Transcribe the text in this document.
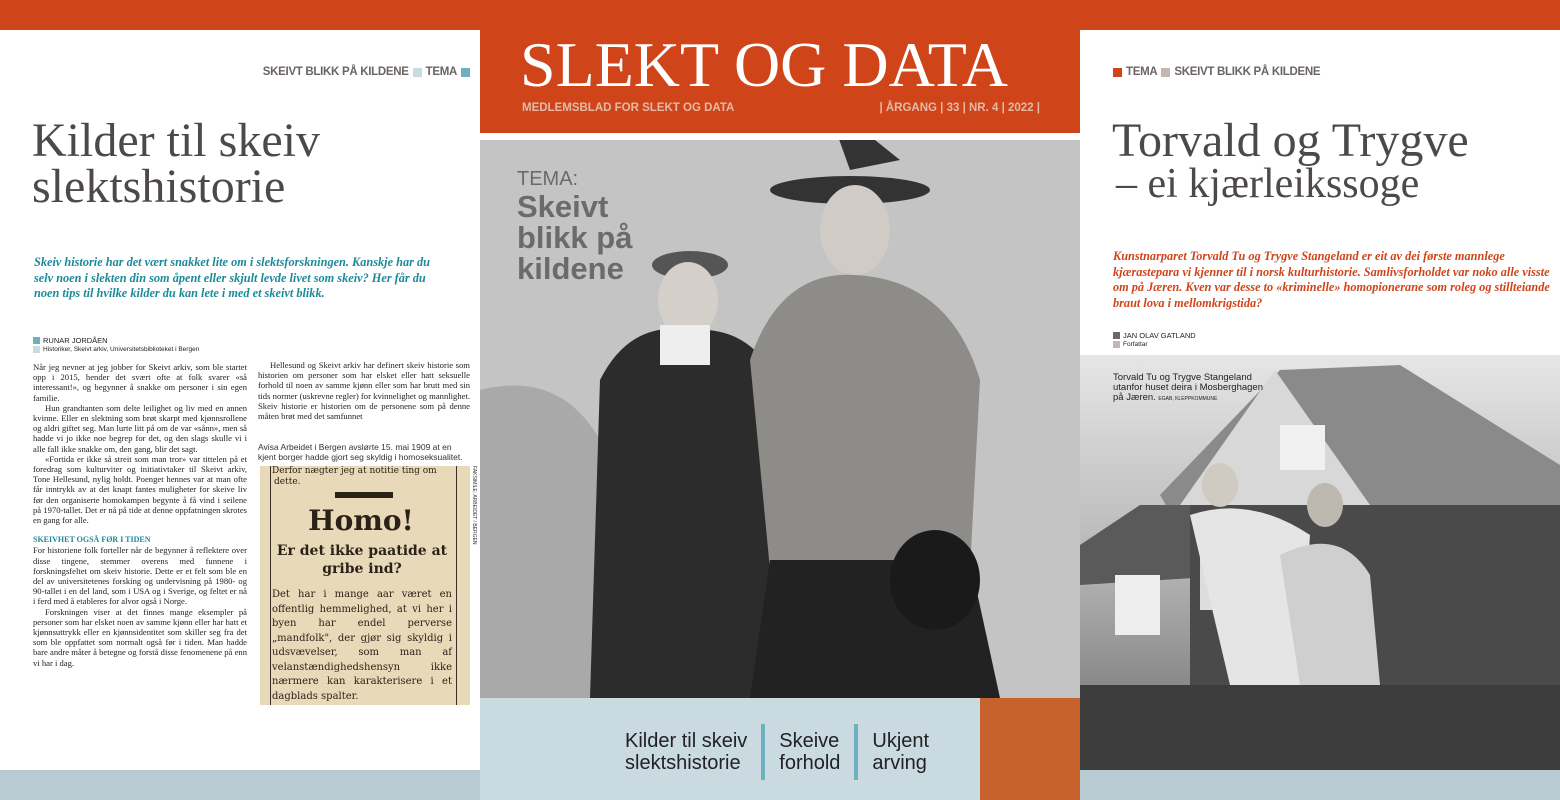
SKEIVT BLIKK PÅ KILDENE TEMA
Kilder til skeiv
slektshistorie
Skeiv historie har det vært snakket lite om i slektsforskningen. Kanskje har du selv noen i slekten din som åpent eller skjult levde livet som skeiv? Her får du noen tips til hvilke kilder du kan lete i med et skeivt blikk.
RUNAR JORDÅEN
Historiker, Skeivt arkiv, Universitetsbiblioteket i Bergen

Når jeg nevner at jeg jobber for Skeivt arkiv, som ble startet opp i 2015, hender det svært ofte at folk svarer «så interessant!», og begynner å snakke om personer i sin egen familie.

Hun grandtanten som delte leilighet og liv med en annen kvinne. Eller en slektning som brøt skarpt med kjønnsrollene og aldri giftet seg. Man lurte litt på om de var «sånn», men så hadde vi jo ikke noe begrep for det, og den slags skulle vi i alle fall ikke snakke om, den gang, blir det sagt.

«Fortida er ikke så streit som man tror» var tittelen på et foredrag som kulturviter og initiativtaker til Skeivt arkiv, Tone Hellesund, nylig holdt. Poenget hennes var at man ofte får inntrykk av at det knapt fantes muligheter for skeive liv før den organiserte homokampen begynte å få vind i seilene på 1970-tallet. Det er nå på tide at denne oppfatningen skrotes en gang for alle.

SKEIVHET OGSÅ FØR I TIDEN

For historiene folk forteller når de begynner å reflektere over disse tingene, stemmer overens med funnene i forskningsfeltet om skeiv historie. Dette er et felt som ble en del av universitetenes forsking og undervisning på 1980- og 90-tallet i en del land, som i USA og i Sverige, og feltet er nå i ferd med å etableres for alvor også i Norge.

Forskningen viser at det finnes mange eksempler på personer som har elsket noen av samme kjønn eller har hatt et kjønnsuttrykk eller en kjønnsidentitet som skiller seg fra det som ble oppfattet som normalt også før i tiden. Man hadde bare andre måter å betegne og forstå disse fenomenene på enn vi har i dag.

Hellesund og Skeivt arkiv har definert skeiv historie som historien om personer som har elsket eller hatt seksuelle forhold til noen av samme kjønn eller som har brutt med sin tids normer (uskrevne regler) for kvinnelighet og mannlighet. Skeiv historie er historien om de personene som på denne måten brøt med det samfunnet

Avisa Arbeidet i Bergen avslørte 15. mai 1909 at en kjent borger hadde gjort seg skyldig i homoseksualitet.
Derfor nægter jeg at notitie ting om
dette.
Homo!
Er det ikke paatide at gribe ind?
Det har i mange aar været en offentlig hemmelighed, at vi her i byen har endel perverse „mandfolk", der gjør sig skyldig i udsvævelser, som man af velanstændighedshensyn ikke nærmere kan karakterisere i et dagblads spalter.
FAKSIMILE: ARBEIDET / BERGEN
SLEKT OG DATA
MEDLEMSBLAD FOR SLEKT OG DATA	| ÅRGANG | 33 | NR. 4 | 2022 |
TEMA:
Skeivt
blikk på
kildene
Kilder til skeiv
slektshistorie
Skeive
forhold
Ukjent
arving
TEMA SKEIVT BLIKK PÅ KILDENE
Torvald og Trygve
– ei kjærleikssoge
Kunstnarparet Torvald Tu og Trygve Stangeland er eit av dei første mannlege kjærastepara vi kjenner til i norsk kulturhistorie. Samlivsforholdet var noko alle visste om på Jæren. Kven var desse to «kriminelle» homopionerane som roleg og stillteiande braut lova i mellomkrigstida?
JAN OLAV GATLAND
Forfattar
Torvald Tu og Trygve Stangeland utanfor huset deira i Mosberghagen på Jæren. EGAB, KLEPPKOMMUNE
